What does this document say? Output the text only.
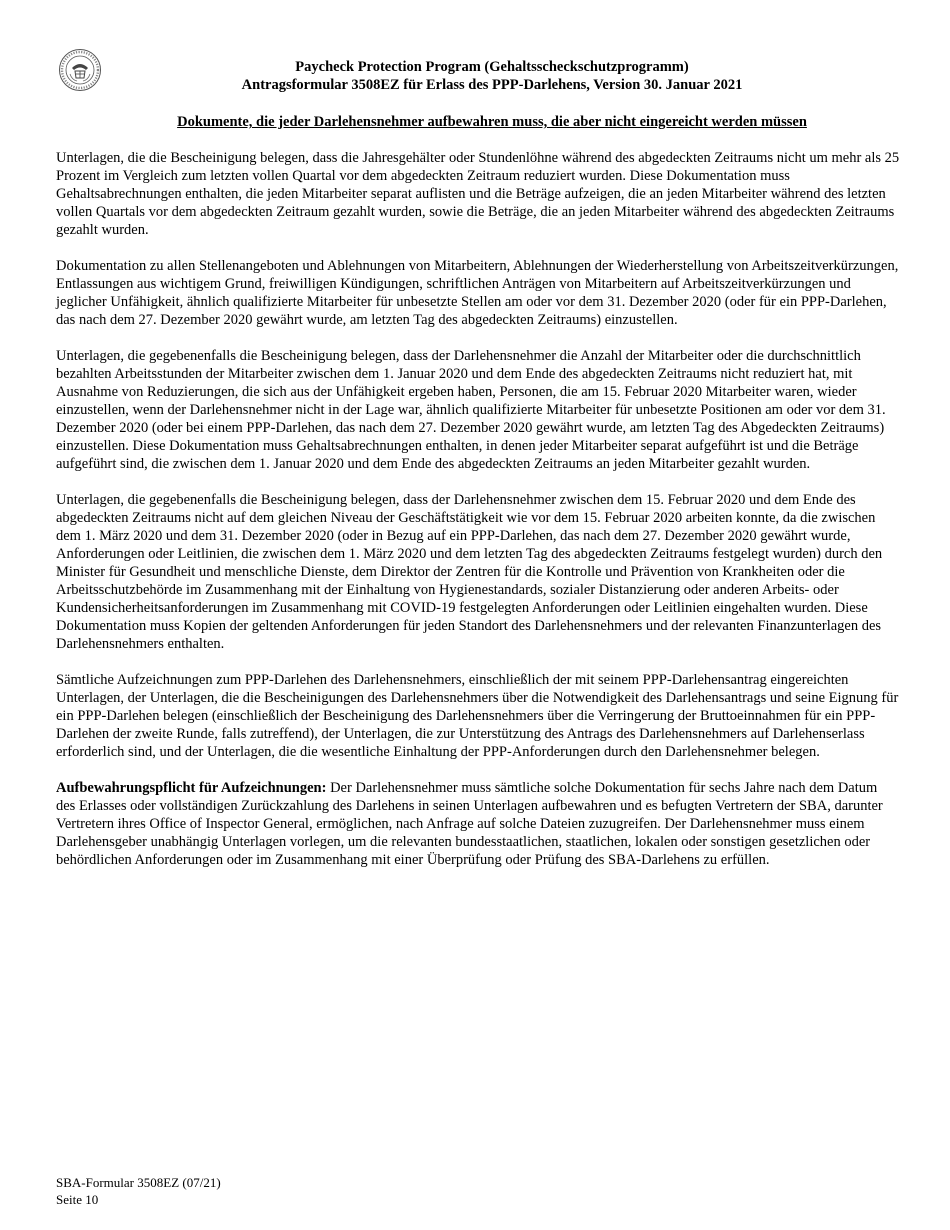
Paycheck Protection Program (Gehaltsscheckschutzprogramm)
Antragsformular 3508EZ für Erlass des PPP-Darlehens, Version 30. Januar 2021
Dokumente, die jeder Darlehensnehmer aufbewahren muss, die aber nicht eingereicht werden müssen

Unterlagen, die die Bescheinigung belegen, dass die Jahresgehälter oder Stundenlöhne während des abgedeckten Zeitraums nicht um mehr als 25 Prozent im Vergleich zum letzten vollen Quartal vor dem abgedeckten Zeitraum reduziert wurden. Diese Dokumentation muss Gehaltsabrechnungen enthalten, die jeden Mitarbeiter separat auflisten und die Beträge aufzeigen, die an jeden Mitarbeiter während des letzten vollen Quartals vor dem abgedeckten Zeitraum gezahlt wurden, sowie die Beträge, die an jeden Mitarbeiter während des abgedeckten Zeitraums gezahlt wurden.

Dokumentation zu allen Stellenangeboten und Ablehnungen von Mitarbeitern, Ablehnungen der Wiederherstellung von Arbeitszeitverkürzungen, Entlassungen aus wichtigem Grund, freiwilligen Kündigungen, schriftlichen Anträgen von Mitarbeitern auf Arbeitszeitverkürzungen und jeglicher Unfähigkeit, ähnlich qualifizierte Mitarbeiter für unbesetzte Stellen am oder vor dem 31. Dezember 2020 (oder für ein PPP-Darlehen, das nach dem 27. Dezember 2020 gewährt wurde, am letzten Tag des abgedeckten Zeitraums) einzustellen.

Unterlagen, die gegebenenfalls die Bescheinigung belegen, dass der Darlehensnehmer die Anzahl der Mitarbeiter oder die durchschnittlich bezahlten Arbeitsstunden der Mitarbeiter zwischen dem 1. Januar 2020 und dem Ende des abgedeckten Zeitraums nicht reduziert hat, mit Ausnahme von Reduzierungen, die sich aus der Unfähigkeit ergeben haben, Personen, die am 15. Februar 2020 Mitarbeiter waren, wieder einzustellen, wenn der Darlehensnehmer nicht in der Lage war, ähnlich qualifizierte Mitarbeiter für unbesetzte Positionen am oder vor dem 31. Dezember 2020 (oder bei einem PPP-Darlehen, das nach dem 27. Dezember 2020 gewährt wurde, am letzten Tag des Abgedeckten Zeitraums) einzustellen. Diese Dokumentation muss Gehaltsabrechnungen enthalten, in denen jeder Mitarbeiter separat aufgeführt ist und die Beträge aufgeführt sind, die zwischen dem 1. Januar 2020 und dem Ende des abgedeckten Zeitraums an jeden Mitarbeiter gezahlt wurden.

Unterlagen, die gegebenenfalls die Bescheinigung belegen, dass der Darlehensnehmer zwischen dem 15. Februar 2020 und dem Ende des abgedeckten Zeitraums nicht auf dem gleichen Niveau der Geschäftstätigkeit wie vor dem 15. Februar 2020 arbeiten konnte, da die zwischen dem 1. März 2020 und dem 31. Dezember 2020 (oder in Bezug auf ein PPP-Darlehen, das nach dem 27. Dezember 2020 gewährt wurde, Anforderungen oder Leitlinien, die zwischen dem 1. März 2020 und dem letzten Tag des abgedeckten Zeitraums festgelegt wurden) durch den Minister für Gesundheit und menschliche Dienste, dem Direktor der Zentren für die Kontrolle und Prävention von Krankheiten oder die Arbeitsschutzbehörde im Zusammenhang mit der Einhaltung von Hygienestandards, sozialer Distanzierung oder anderen Arbeits- oder Kundensicherheitsanforderungen im Zusammenhang mit COVID-19 festgelegten Anforderungen oder Leitlinien eingehalten wurden. Diese Dokumentation muss Kopien der geltenden Anforderungen für jeden Standort des Darlehensnehmers und der relevanten Finanzunterlagen des Darlehensnehmers enthalten.

Sämtliche Aufzeichnungen zum PPP-Darlehen des Darlehensnehmers, einschließlich der mit seinem PPP-Darlehensantrag eingereichten Unterlagen, der Unterlagen, die die Bescheinigungen des Darlehensnehmers über die Notwendigkeit des Darlehensantrags und seine Eignung für ein PPP-Darlehen belegen (einschließlich der Bescheinigung des Darlehensnehmers über die Verringerung der Bruttoeinnahmen für ein PPP-Darlehen der zweite Runde, falls zutreffend), der Unterlagen, die zur Unterstützung des Antrags des Darlehensnehmers auf Darlehenserlass erforderlich sind, und der Unterlagen, die die wesentliche Einhaltung der PPP-Anforderungen durch den Darlehensnehmer belegen.

Aufbewahrungspflicht für Aufzeichnungen: Der Darlehensnehmer muss sämtliche solche Dokumentation für sechs Jahre nach dem Datum des Erlasses oder vollständigen Zurückzahlung des Darlehens in seinen Unterlagen aufbewahren und es befugten Vertretern der SBA, darunter Vertretern ihres Office of Inspector General, ermöglichen, nach Anfrage auf solche Dateien zuzugreifen. Der Darlehensnehmer muss einem Darlehensgeber unabhängig Unterlagen vorlegen, um die relevanten bundesstaatlichen, staatlichen, lokalen oder sonstigen gesetzlichen oder behördlichen Anforderungen oder im Zusammenhang mit einer Überprüfung oder Prüfung des SBA-Darlehens zu erfüllen.

SBA-Formular 3508EZ (07/21)
Seite 10
